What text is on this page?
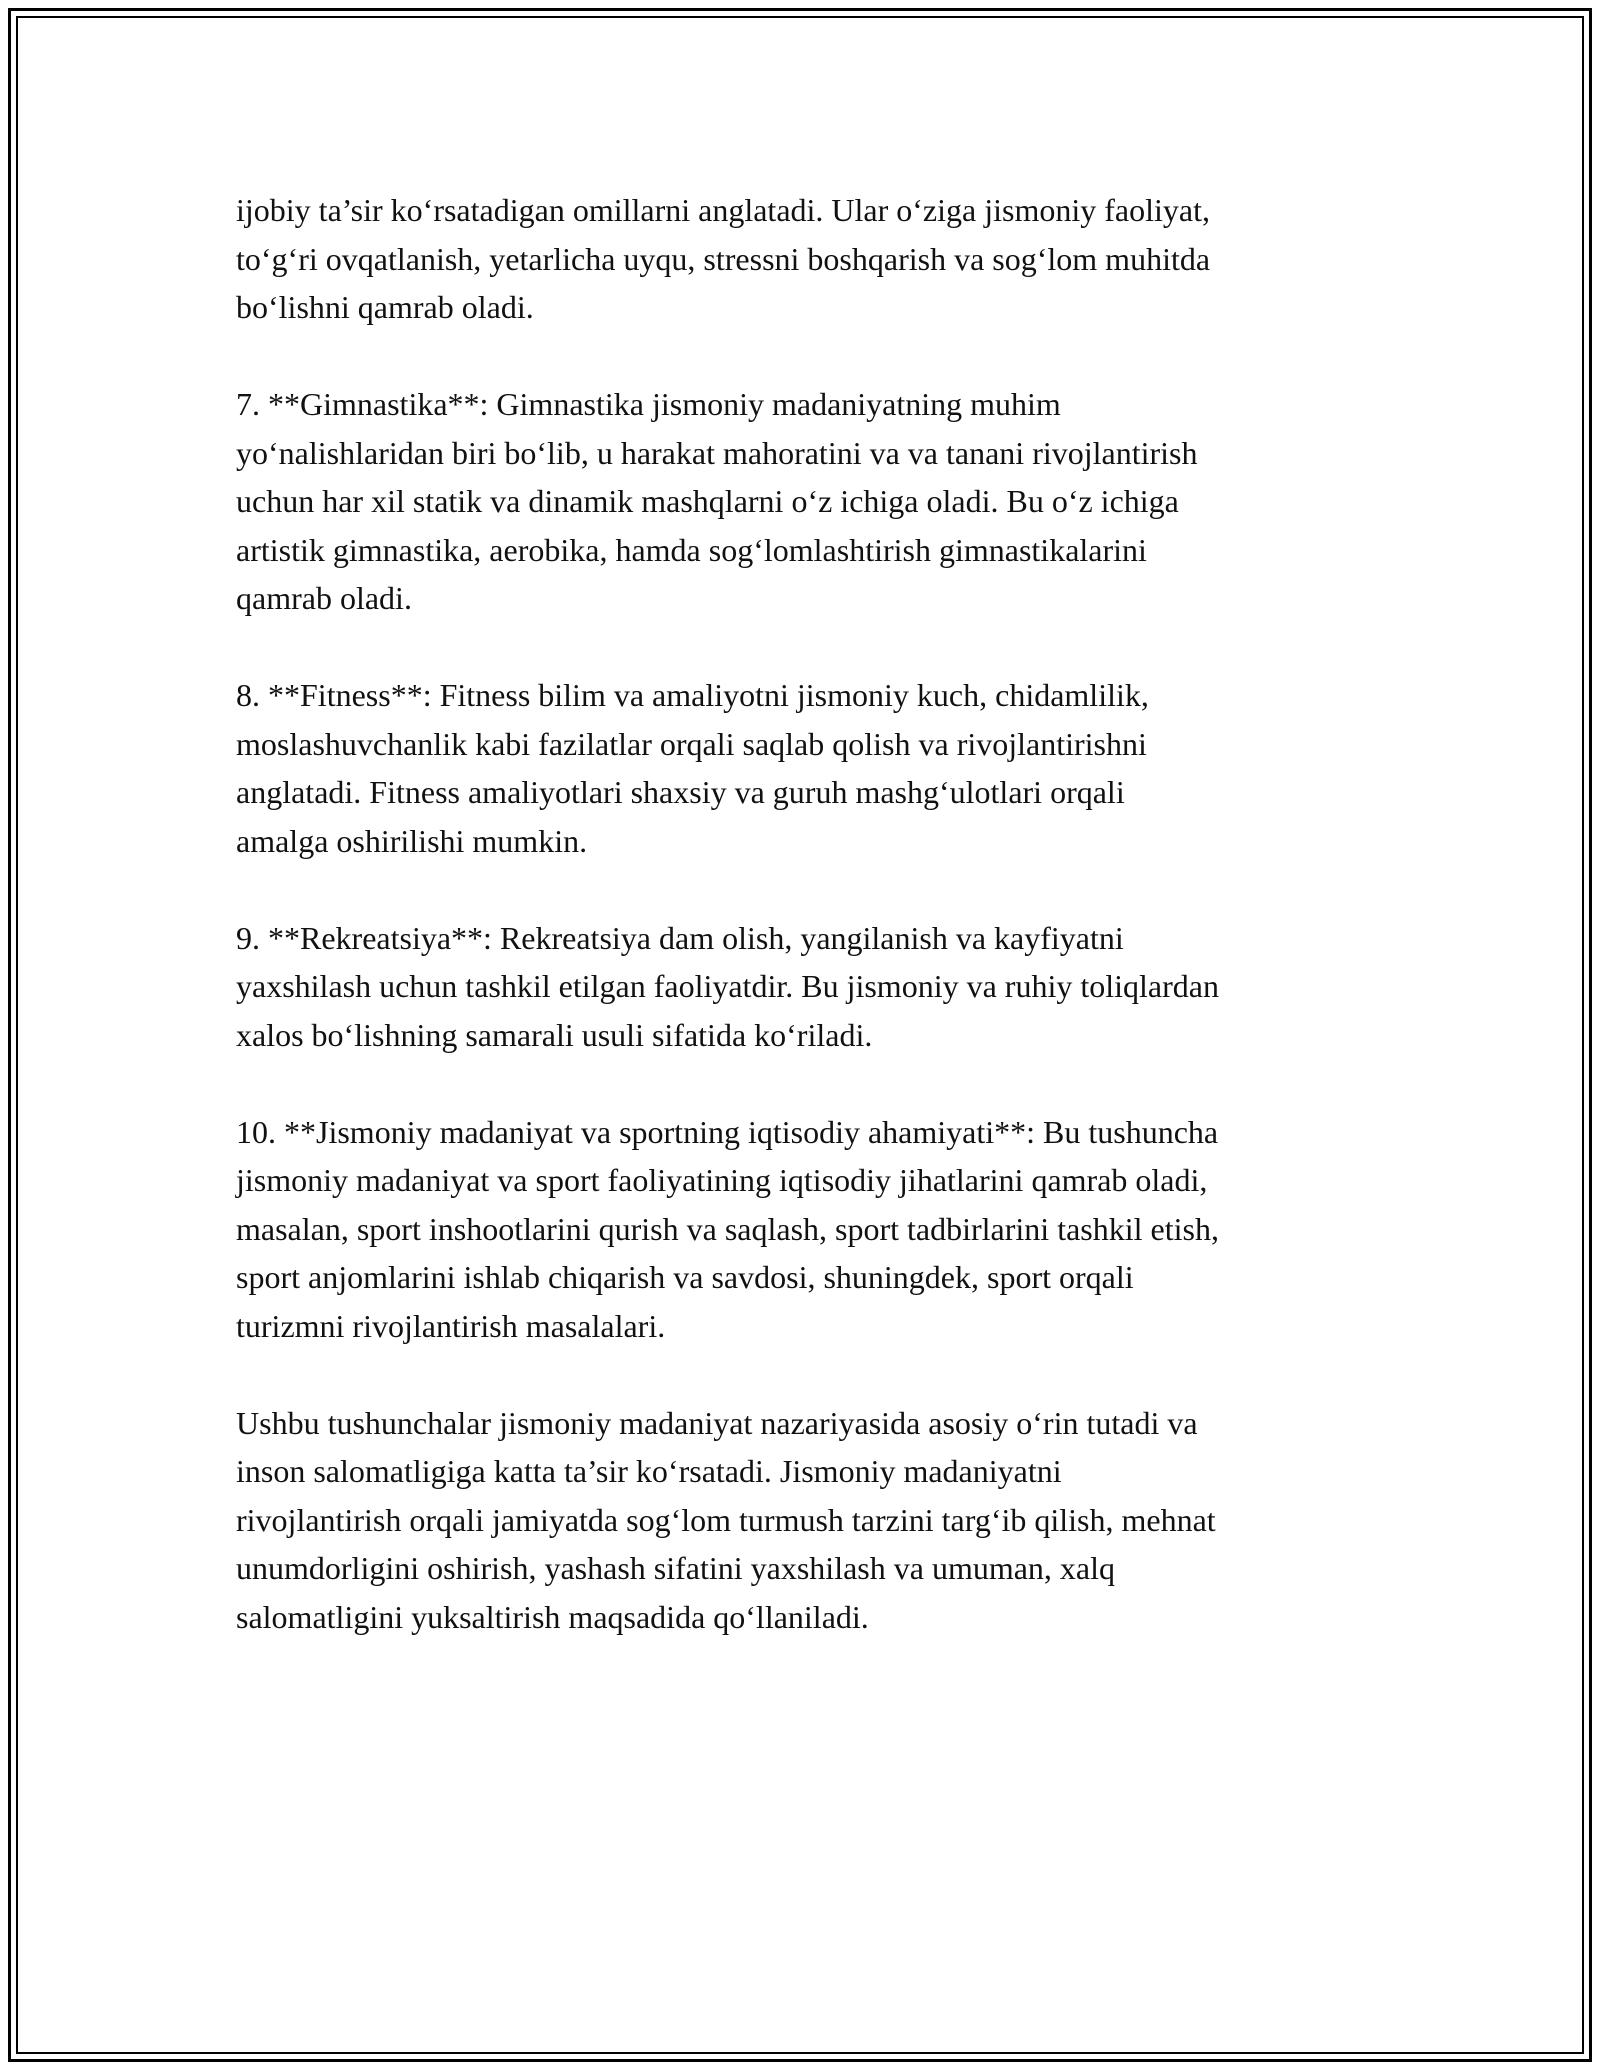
ijobiy ta’sir ko‘rsatadigan omillarni anglatadi. Ular o‘ziga jismoniy faoliyat,
to‘g‘ri ovqatlanish, yetarlicha uyqu, stressni boshqarish va sog‘lom muhitda
bo‘lishni qamrab oladi.

7. **Gimnastika**: Gimnastika jismoniy madaniyatning muhim
yo‘nalishlaridan biri bo‘lib, u harakat mahoratini va va tanani rivojlantirish
uchun har xil statik va dinamik mashqlarni o‘z ichiga oladi. Bu o‘z ichiga
artistik gimnastika, aerobika, hamda sog‘lomlashtirish gimnastikalarini
qamrab oladi.

8. **Fitness**: Fitness bilim va amaliyotni jismoniy kuch, chidamlilik,
moslashuvchanlik kabi fazilatlar orqali saqlab qolish va rivojlantirishni
anglatadi. Fitness amaliyotlari shaxsiy va guruh mashg‘ulotlari orqali
amalga oshirilishi mumkin.

9. **Rekreatsiya**: Rekreatsiya dam olish, yangilanish va kayfiyatni
yaxshilash uchun tashkil etilgan faoliyatdir. Bu jismoniy va ruhiy toliqlardan
xalos bo‘lishning samarali usuli sifatida ko‘riladi.

10. **Jismoniy madaniyat va sportning iqtisodiy ahamiyati**: Bu tushuncha
jismoniy madaniyat va sport faoliyatining iqtisodiy jihatlarini qamrab oladi,
masalan, sport inshootlarini qurish va saqlash, sport tadbirlarini tashkil etish,
sport anjomlarini ishlab chiqarish va savdosi, shuningdek, sport orqali
turizmni rivojlantirish masalalari.

Ushbu tushunchalar jismoniy madaniyat nazariyasida asosiy o‘rin tutadi va
inson salomatligiga katta ta’sir ko‘rsatadi. Jismoniy madaniyatni
rivojlantirish orqali jamiyatda sog‘lom turmush tarzini targ‘ib qilish, mehnat
unumdorligini oshirish, yashash sifatini yaxshilash va umuman, xalq
salomatligini yuksaltirish maqsadida qo‘llaniladi.
